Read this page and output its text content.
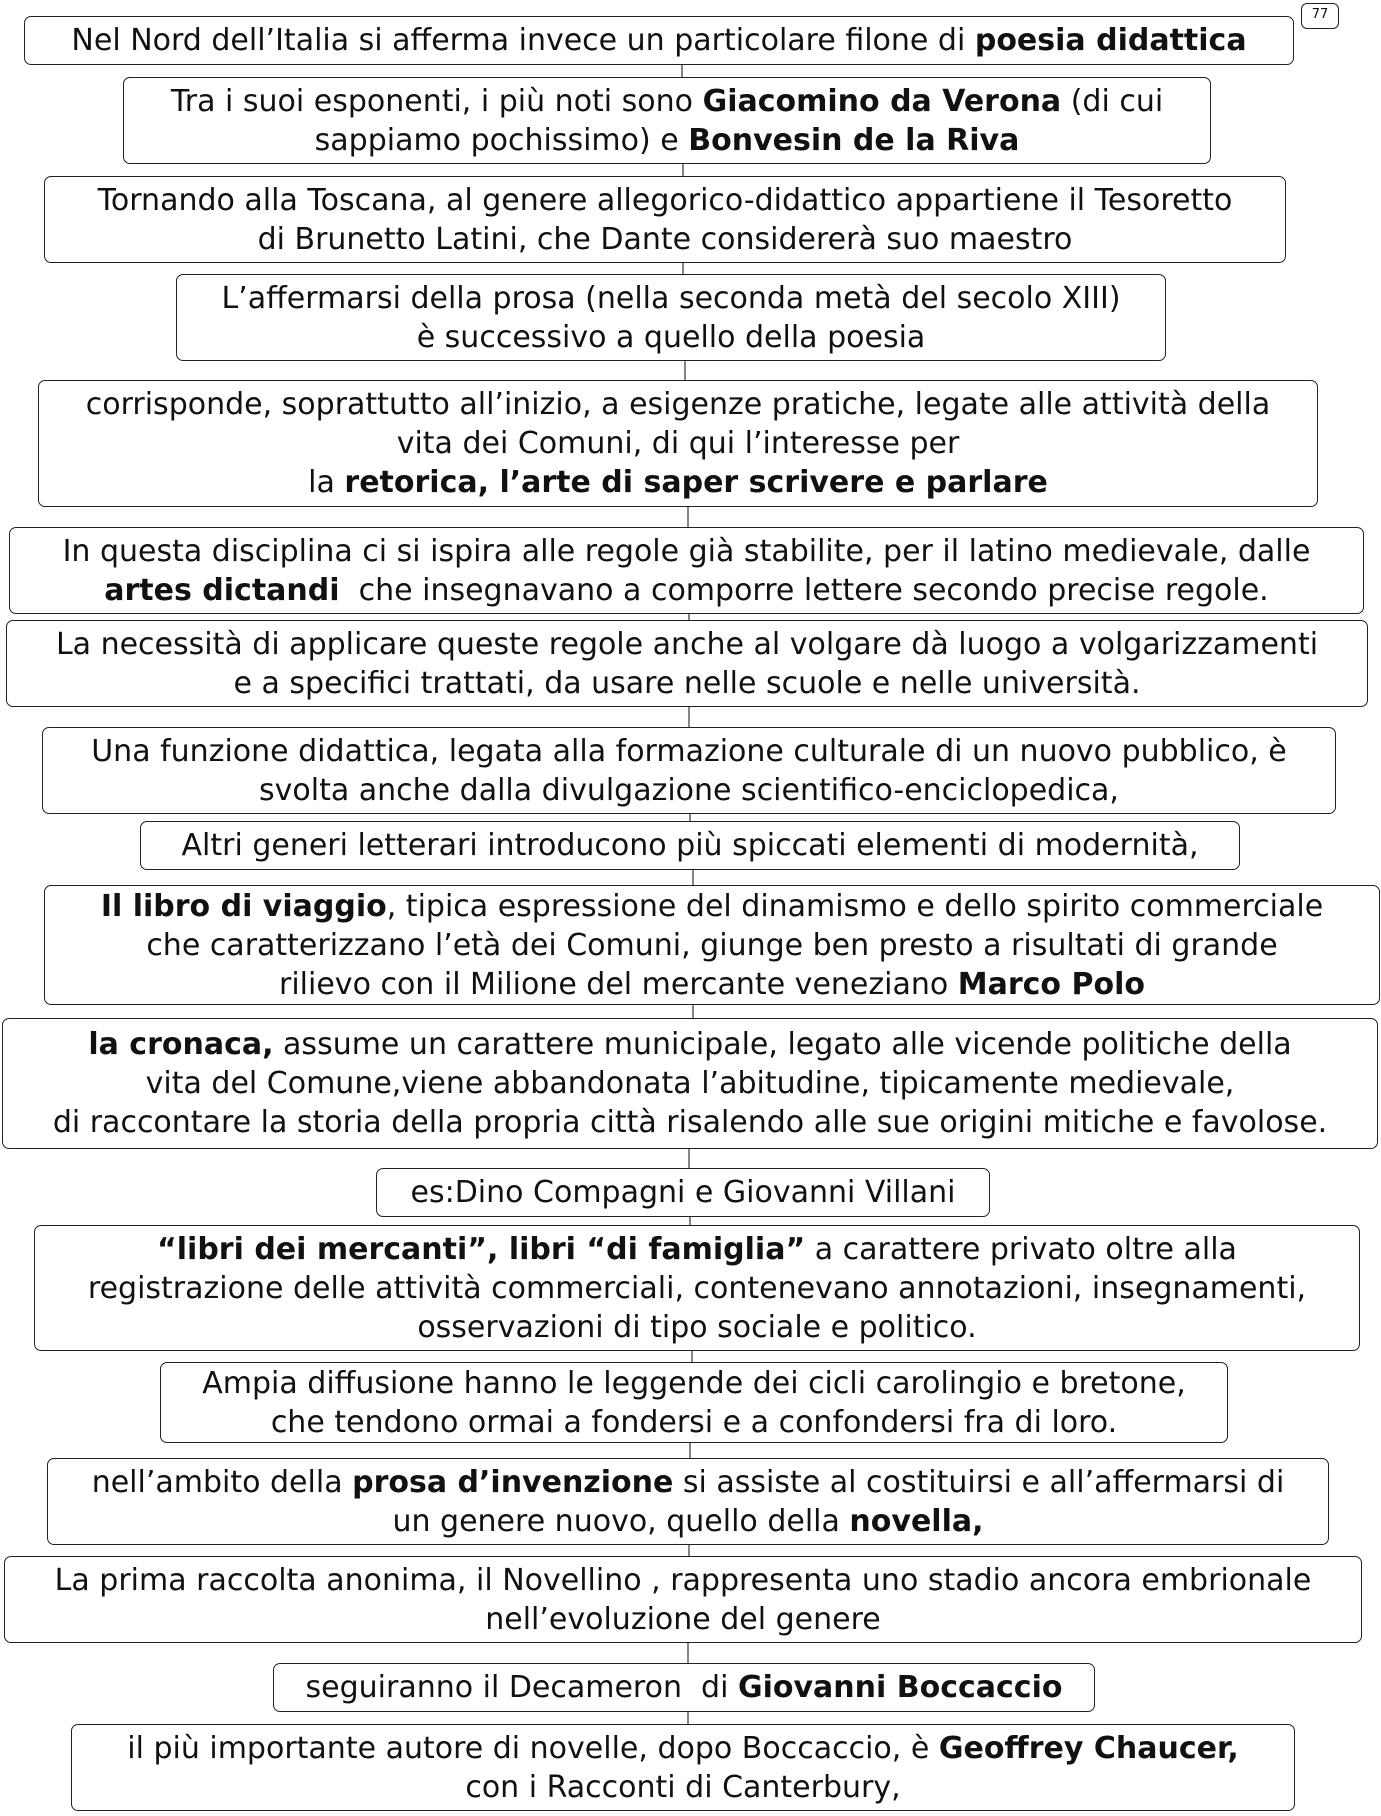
77
Nel Nord dell’Italia si afferma invece un particolare filone di poesia didattica
Tra i suoi esponenti, i più noti sono Giacomino da Verona (di cui
sappiamo pochissimo) e Bonvesin de la Riva
Tornando alla Toscana, al genere allegorico-didattico appartiene il Tesoretto
di Brunetto Latini, che Dante considererà suo maestro
L’affermarsi della prosa (nella seconda metà del secolo XIII)
è successivo a quello della poesia
corrisponde, soprattutto all’inizio, a esigenze pratiche, legate alle attività della
vita dei Comuni, di qui l’interesse per
la retorica, l’arte di saper scrivere e parlare
In questa disciplina ci si ispira alle regole già stabilite, per il latino medievale, dalle
artes dictandi  che insegnavano a comporre lettere secondo precise regole.
La necessità di applicare queste regole anche al volgare dà luogo a volgarizzamenti
e a specifici trattati, da usare nelle scuole e nelle università.
Una funzione didattica, legata alla formazione culturale di un nuovo pubblico, è
svolta anche dalla divulgazione scientifico-enciclopedica,
Altri generi letterari introducono più spiccati elementi di modernità,
Il libro di viaggio, tipica espressione del dinamismo e dello spirito commerciale
che caratterizzano l’età dei Comuni, giunge ben presto a risultati di grande
rilievo con il Milione del mercante veneziano Marco Polo
la cronaca, assume un carattere municipale, legato alle vicende politiche della
vita del Comune,viene abbandonata l’abitudine, tipicamente medievale,
di raccontare la storia della propria città risalendo alle sue origini mitiche e favolose.
es:Dino Compagni e Giovanni Villani
“libri dei mercanti”, libri “di famiglia” a carattere privato oltre alla
registrazione delle attività commerciali, contenevano annotazioni, insegnamenti,
osservazioni di tipo sociale e politico.
Ampia diffusione hanno le leggende dei cicli carolingio e bretone,
che tendono ormai a fondersi e a confondersi fra di loro.
nell’ambito della prosa d’invenzione si assiste al costituirsi e all’affermarsi di
un genere nuovo, quello della novella,
La prima raccolta anonima, il Novellino , rappresenta uno stadio ancora embrionale
nell’evoluzione del genere
seguiranno il Decameron  di Giovanni Boccaccio
il più importante autore di novelle, dopo Boccaccio, è Geoffrey Chaucer,
con i Racconti di Canterbury,
